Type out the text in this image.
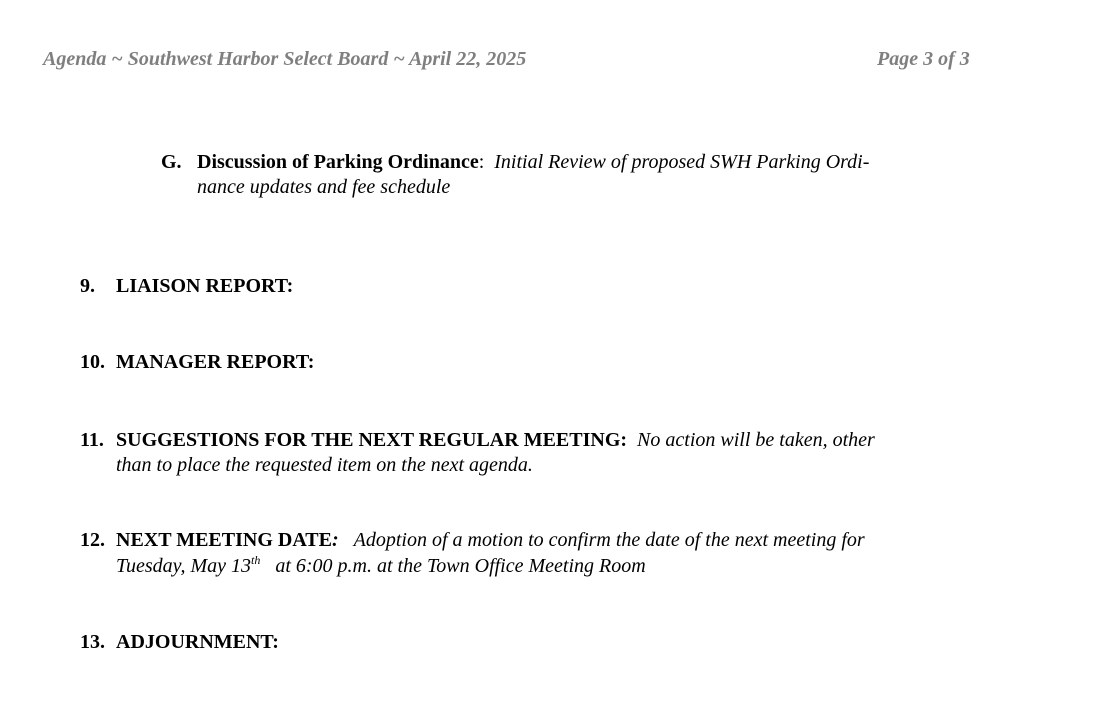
Agenda ~ Southwest Harbor Select Board ~ April 22, 2025	Page 3 of 3
G. Discussion of Parking Ordinance: Initial Review of proposed SWH Parking Ordi-
nance updates and fee schedule
9. LIAISON REPORT:
10. MANAGER REPORT:
11. SUGGESTIONS FOR THE NEXT REGULAR MEETING: No action will be taken, other
than to place the requested item on the next agenda.
12. NEXT MEETING DATE: Adoption of a motion to confirm the date of the next meeting for
Tuesday, May 13th at 6:00 p.m. at the Town Office Meeting Room
13. ADJOURNMENT:
